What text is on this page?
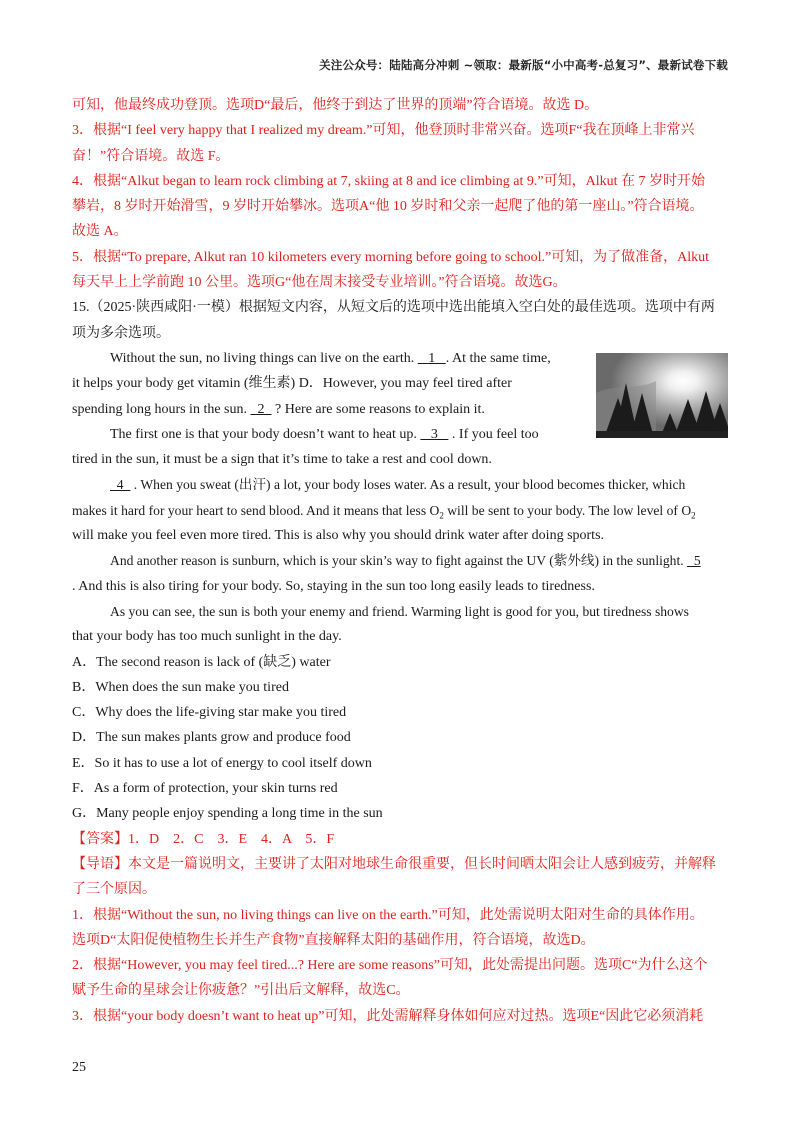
关注公众号：陆陆高分冲刺 ~领取：最新版“小中高考-总复习”、最新试卷下载
可知，他最终成功登顶。选项D“最后，他终于到达了世界的顶端”符合语境。故选 D。
3．根据“I feel very happy that I realized my dream.”可知，他登顶时非常兴奋。选项F“我在顶峰上非常兴
奋！”符合语境。故选 F。
4．根据“Alkut began to learn rock climbing at 7, skiing at 8 and ice climbing at 9.”可知，Alkut 在 7 岁时开始
攀岩，8 岁时开始滑雪，9 岁时开始攀冰。选项A“他 10 岁时和父亲一起爬了他的第一座山。”符合语境。
故选 A。
5．根据“To prepare, Alkut ran 10 kilometers every morning before going to school.”可知，为了做准备，Alkut
每天早上上学前跑 10 公里。选项G“他在周末接受专业培训。”符合语境。故选G。
15.（2025·陕西咸阳·一模）根据短文内容，从短文后的选项中选出能填入空白处的最佳选项。选项中有两
项为多余选项。
Without the sun, no living things can live on the earth.    1   . At the same time,
it helps your body get vitamin (维生素) D．However, you may feel tired after
spending long hours in the sun.   2   ? Here are some reasons to explain it.
The first one is that your body doesn’t want to heat up.    3    . If you feel too
tired in the sun, it must be a sign that it’s time to take a rest and cool down.
4   . When you sweat (出汗) a lot, your body loses water. As a result, your blood becomes thicker, which
makes it hard for your heart to send blood. And it means that less $O_2$ will be sent to your body. The low level of $O_2$
will make you feel even more tired. This is also why you should drink water after doing sports.
And another reason is sunburn, which is your skin’s way to fight against the UV (紫外线) in the sunlight.   5
. And this is also tiring for your body. So, staying in the sun too long easily leads to tiredness.
As you can see, the sun is both your enemy and friend. Warming light is good for you, but tiredness shows
that your body has too much sunlight in the day.
A．The second reason is lack of (缺乏) water
B．When does the sun make you tired
C．Why does the life-giving star make you tired
D．The sun makes plants grow and produce food
E．So it has to use a lot of energy to cool itself down
F．As a form of protection, your skin turns red
G．Many people enjoy spending a long time in the sun
【答案】1．D　2．C　3．E　4．A　5．F
【导语】本文是一篇说明文，主要讲了太阳对地球生命很重要，但长时间晒太阳会让人感到疲劳，并解释
了三个原因。
1．根据“Without the sun, no living things can live on the earth.”可知，此处需说明太阳对生命的具体作用。
选项D“太阳促使植物生长并生产食物”直接解释太阳的基础作用，符合语境，故选D。
2．根据“However, you may feel tired...? Here are some reasons”可知，此处需提出问题。选项C“为什么这个
赋予生命的星球会让你疲惫？”引出后文解释，故选C。
3．根据“your body doesn’t want to heat up”可知，此处需解释身体如何应对过热。选项E“因此它必须消耗
25
